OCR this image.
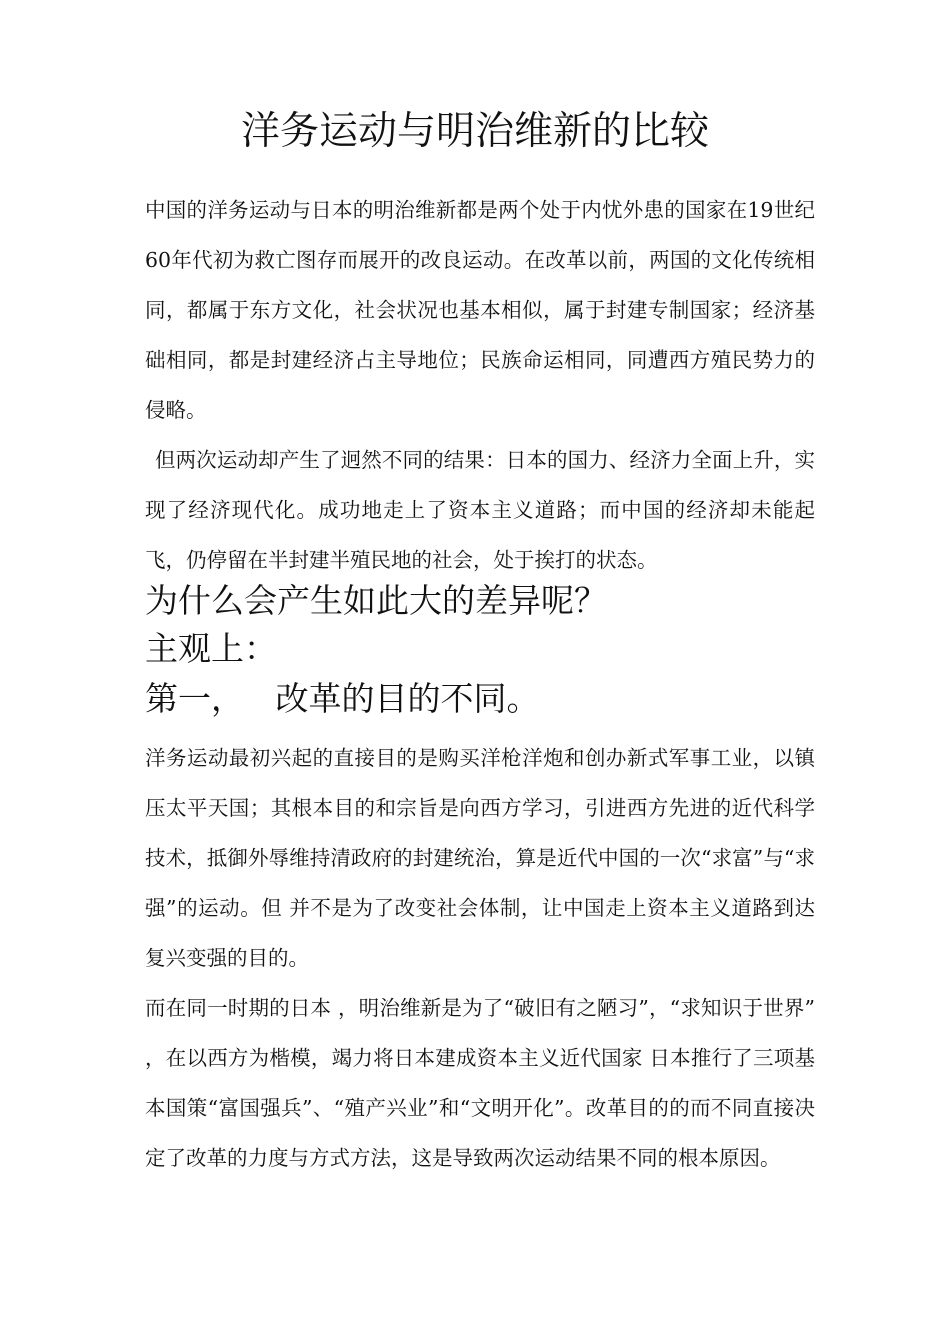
洋务运动与明治维新的比较

中国的洋务运动与日本的明治维新都是两个处于内忧外患的国家在19世纪60年代初为救亡图存而展开的改良运动。在改革以前，两国的文化传统相同，都属于东方文化，社会状况也基本相似，属于封建专制国家；经济基础相同，都是封建经济占主导地位；民族命运相同，同遭西方殖民势力的侵略。

但两次运动却产生了迥然不同的结果：日本的国力、经济力全面上升，实现了经济现代化。成功地走上了资本主义道路；而中国的经济却未能起飞，仍停留在半封建半殖民地的社会，处于挨打的状态。

为什么会产生如此大的差异呢？
主观上：
第一，   改革的目的不同。

洋务运动最初兴起的直接目的是购买洋枪洋炮和创办新式军事工业，以镇压太平天国；其根本目的和宗旨是向西方学习，引进西方先进的近代科学技术，抵御外辱维持清政府的封建统治，算是近代中国的一次“求富”与“求强”的运动。但 并不是为了改变社会体制，让中国走上资本主义道路到达复兴变强的目的。

而在同一时期的日本 ，明治维新是为了“破旧有之陋习”，“求知识于世界” ，在以西方为楷模，竭力将日本建成资本主义近代国家 日本推行了三项基本国策“富国强兵”、“殖产兴业”和“文明开化”。改革目的的而不同直接决定了改革的力度与方式方法，这是导致两次运动结果不同的根本原因。
